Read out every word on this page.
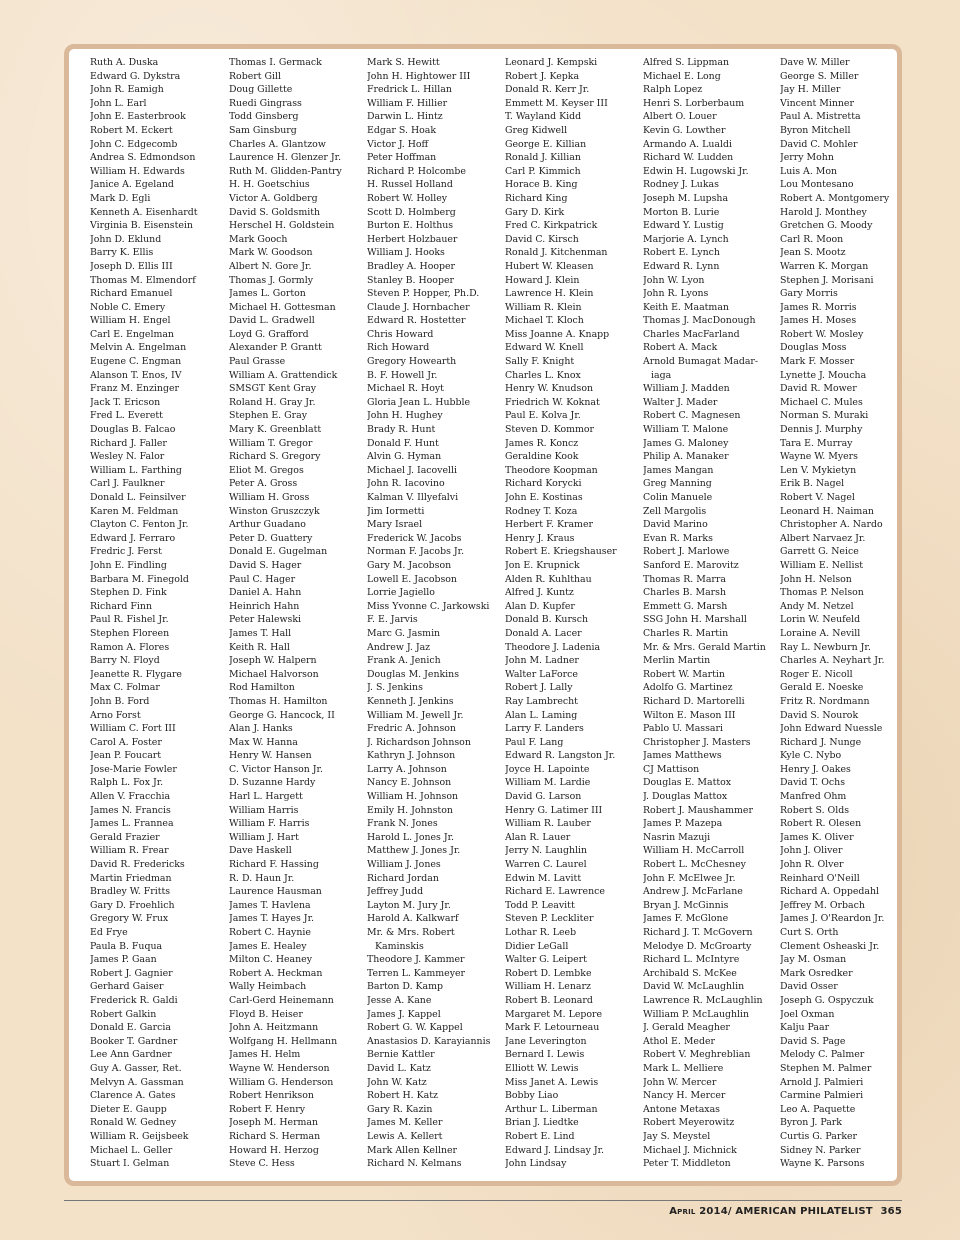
Ruth A. Duska
Edward G. Dykstra
John R. Eamigh
John L. Earl
John E. Easterbrook
Robert M. Eckert
John C. Edgecomb
Andrea S. Edmondson
William H. Edwards
Janice A. Egeland
Mark D. Egli
Kenneth A. Eisenhardt
Virginia B. Eisenstein
John D. Eklund
Barry K. Ellis
Joseph D. Ellis III
Thomas M. Elmendorf
Richard Emanuel
Noble C. Emery
William H. Engel
Carl E. Engelman
Melvin A. Engelman
Eugene C. Engman
Alanson T. Enos, IV
Franz M. Enzinger
Jack T. Ericson
Fred L. Everett
Douglas B. Falcao
Richard J. Faller
Wesley N. Falor
William L. Farthing
Carl J. Faulkner
Donald L. Feinsilver
Karen M. Feldman
Clayton C. Fenton Jr.
Edward J. Ferraro
Fredric J. Ferst
John E. Findling
Barbara M. Finegold
Stephen D. Fink
Richard Finn
Paul R. Fishel Jr.
Stephen Floreen
Ramon A. Flores
Barry N. Floyd
Jeanette R. Flygare
Max C. Folmar
John B. Ford
Arno Forst
William C. Fort III
Carol A. Foster
Jean P. Foucart
Jose-Marie Fowler
Ralph L. Fox Jr.
Allen V. Fracchia
James N. Francis
James L. Frannea
Gerald Frazier
William R. Frear
David R. Fredericks
Martin Friedman
Bradley W. Fritts
Gary D. Froehlich
Gregory W. Frux
Ed Frye
Paula B. Fuqua
James P. Gaan
Robert J. Gagnier
Gerhard Gaiser
Frederick R. Galdi
Robert Galkin
Donald E. Garcia
Booker T. Gardner
Lee Ann Gardner
Guy A. Gasser, Ret.
Melvyn A. Gassman
Clarence A. Gates
Dieter E. Gaupp
Ronald W. Gedney
William R. Geijsbeek
Michael L. Geller
Stuart I. Gelman
Thomas I. Germack
Robert Gill
Doug Gillette
Ruedi Gingrass
Todd Ginsberg
Sam Ginsburg
Charles A. Glantzow
Laurence H. Glenzer Jr.
Ruth M. Glidden-Pantry
H. H. Goetschius
Victor A. Goldberg
David S. Goldsmith
Herschel H. Goldstein
Mark Gooch
Mark W. Goodson
Albert N. Gore Jr.
Thomas J. Gormly
James L. Gorton
Michael H. Gottesman
David L. Gradwell
Loyd G. Grafford
Alexander P. Grantt
Paul Grasse
William A. Grattendick
SMSGT Kent Gray
Roland H. Gray Jr.
Stephen E. Gray
Mary K. Greenblatt
William T. Gregor
Richard S. Gregory
Eliot M. Gregos
Peter A. Gross
William H. Gross
Winston Gruszczyk
Arthur Guadano
Peter D. Guattery
Donald E. Gugelman
David S. Hager
Paul C. Hager
Daniel A. Hahn
Heinrich Hahn
Peter Halewski
James T. Hall
Keith R. Hall
Joseph W. Halpern
Michael Halvorson
Rod Hamilton
Thomas H. Hamilton
George G. Hancock, II
Alan J. Hanks
Max W. Hanna
Henry W. Hansen
C. Victor Hanson Jr.
D. Suzanne Hardy
Harl L. Hargett
William Harris
William F. Harris
William J. Hart
Dave Haskell
Richard F. Hassing
R. D. Haun Jr.
Laurence Hausman
James T. Havlena
James T. Hayes Jr.
Robert C. Haynie
James E. Healey
Milton C. Heaney
Robert A. Heckman
Wally Heimbach
Carl-Gerd Heinemann
Floyd B. Heiser
John A. Heitzmann
Wolfgang H. Hellmann
James H. Helm
Wayne W. Henderson
William G. Henderson
Robert Henrikson
Robert F. Henry
Joseph M. Herman
Richard S. Herman
Howard H. Herzog
Steve C. Hess
Mark S. Hewitt
John H. Hightower III
Fredrick L. Hillan
William F. Hillier
Darwin L. Hintz
Edgar S. Hoak
Victor J. Hoff
Peter Hoffman
Richard P. Holcombe
H. Russel Holland
Robert W. Holley
Scott D. Holmberg
Burton E. Holthus
Herbert Holzbauer
William J. Hooks
Bradley A. Hooper
Stanley B. Hooper
Steven P. Hopper, Ph.D.
Claude J. Hornbacher
Edward R. Hostetter
Chris Howard
Rich Howard
Gregory Howearth
B. F. Howell Jr.
Michael R. Hoyt
Gloria Jean L. Hubble
John H. Hughey
Brady R. Hunt
Donald F. Hunt
Alvin G. Hyman
Michael J. Iacovelli
John R. Iacovino
Kalman V. Illyefalvi
Jim Iormetti
Mary Israel
Frederick W. Jacobs
Norman F. Jacobs Jr.
Gary M. Jacobson
Lowell E. Jacobson
Lorrie Jagiello
Miss Yvonne C. Jarkowski
F. E. Jarvis
Marc G. Jasmin
Andrew J. Jaz
Frank A. Jenich
Douglas M. Jenkins
J. S. Jenkins
Kenneth J. Jenkins
William M. Jewell Jr.
Fredric A. Johnson
J. Richardson Johnson
Kathryn J. Johnson
Larry A. Johnson
Nancy E. Johnson
William H. Johnson
Emily H. Johnston
Frank N. Jones
Harold L. Jones Jr.
Matthew J. Jones Jr.
William J. Jones
Richard Jordan
Jeffrey Judd
Layton M. Jury Jr.
Harold A. Kalkwarf
Mr. & Mrs. Robert
Kaminskis
Theodore J. Kammer
Terren L. Kammeyer
Barton D. Kamp
Jesse A. Kane
James J. Kappel
Robert G. W. Kappel
Anastasios D. Karayiannis
Bernie Kattler
David L. Katz
John W. Katz
Robert H. Katz
Gary R. Kazin
James M. Keller
Lewis A. Kellert
Mark Allen Kellner
Richard N. Kelmans
Leonard J. Kempski
Robert J. Kepka
Donald R. Kerr Jr.
Emmett M. Keyser III
T. Wayland Kidd
Greg Kidwell
George E. Killian
Ronald J. Killian
Carl P. Kimmich
Horace B. King
Richard King
Gary D. Kirk
Fred C. Kirkpatrick
David C. Kirsch
Ronald J. Kitchenman
Hubert W. Kleasen
Howard J. Klein
Lawrence H. Klein
William R. Klein
Michael T. Kloch
Miss Joanne A. Knapp
Edward W. Knell
Sally F. Knight
Charles L. Knox
Henry W. Knudson
Friedrich W. Koknat
Paul E. Kolva Jr.
Steven D. Kommor
James R. Koncz
Geraldine Kook
Theodore Koopman
Richard Korycki
John E. Kostinas
Rodney T. Koza
Herbert F. Kramer
Henry J. Kraus
Robert E. Kriegshauser
Jon E. Krupnick
Alden R. Kuhlthau
Alfred J. Kuntz
Alan D. Kupfer
Donald B. Kursch
Donald A. Lacer
Theodore J. Ladenia
John M. Ladner
Walter LaForce
Robert J. Lally
Ray Lambrecht
Alan L. Laming
Larry F. Landers
Paul F. Lang
Edward R. Langston Jr.
Joyce H. Lapointe
William M. Lardie
David G. Larson
Henry G. Latimer III
William R. Lauber
Alan R. Lauer
Jerry N. Laughlin
Warren C. Laurel
Edwin M. Lavitt
Richard E. Lawrence
Todd P. Leavitt
Steven P. Leckliter
Lothar R. Leeb
Didier LeGall
Walter G. Leipert
Robert D. Lembke
William H. Lenarz
Robert B. Leonard
Margaret M. Lepore
Mark F. Letourneau
Jane Leverington
Bernard I. Lewis
Elliott W. Lewis
Miss Janet A. Lewis
Bobby Liao
Arthur L. Liberman
Brian J. Liedtke
Robert E. Lind
Edward J. Lindsay Jr.
John Lindsay
Alfred S. Lippman
Michael E. Long
Ralph Lopez
Henri S. Lorberbaum
Albert O. Louer
Kevin G. Lowther
Armando A. Lualdi
Richard W. Ludden
Edwin H. Lugowski Jr.
Rodney J. Lukas
Joseph M. Lupsha
Morton B. Lurie
Edward Y. Lustig
Marjorie A. Lynch
Robert E. Lynch
Edward R. Lynn
John W. Lyon
John R. Lyons
Keith E. Maatman
Thomas J. MacDonough
Charles MacFarland
Robert A. Mack
Arnold Bumagat Madar-
iaga
William J. Madden
Walter J. Mader
Robert C. Magnesen
William T. Malone
James G. Maloney
Philip A. Manaker
James Mangan
Greg Manning
Colin Manuele
Zell Margolis
David Marino
Evan R. Marks
Robert J. Marlowe
Sanford E. Marovitz
Thomas R. Marra
Charles B. Marsh
Emmett G. Marsh
SSG John H. Marshall
Charles R. Martin
Mr. & Mrs. Gerald Martin
Merlin Martin
Robert W. Martin
Adolfo G. Martinez
Richard D. Martorelli
Wilton E. Mason III
Pablo U. Massari
Christopher J. Masters
James Matthews
CJ Mattison
Douglas E. Mattox
J. Douglas Mattox
Robert J. Maushammer
James P. Mazepa
Nasrin Mazuji
William H. McCarroll
Robert L. McChesney
John F. McElwee Jr.
Andrew J. McFarlane
Bryan J. McGinnis
James F. McGlone
Richard J. T. McGovern
Melodye D. McGroarty
Richard L. McIntyre
Archibald S. McKee
David W. McLaughlin
Lawrence R. McLaughlin
William P. McLaughlin
J. Gerald Meagher
Athol E. Meder
Robert V. Meghreblian
Mark L. Melliere
John W. Mercer
Nancy H. Mercer
Antone Metaxas
Robert Meyerowitz
Jay S. Meystel
Michael J. Michnick
Peter T. Middleton
Dave W. Miller
George S. Miller
Jay H. Miller
Vincent Minner
Paul A. Mistretta
Byron Mitchell
David C. Mohler
Jerry Mohn
Luis A. Mon
Lou Montesano
Robert A. Montgomery
Harold J. Monthey
Gretchen G. Moody
Carl R. Moon
Jean S. Mootz
Warren K. Morgan
Stephen J. Morisani
Gary Morris
James R. Morris
James H. Moses
Robert W. Mosley
Douglas Moss
Mark F. Mosser
Lynette J. Moucha
David R. Mower
Michael C. Mules
Norman S. Muraki
Dennis J. Murphy
Tara E. Murray
Wayne W. Myers
Len V. Mykietyn
Erik B. Nagel
Robert V. Nagel
Leonard H. Naiman
Christopher A. Nardo
Albert Narvaez Jr.
Garrett G. Neice
William E. Nellist
John H. Nelson
Thomas P. Nelson
Andy M. Netzel
Lorin W. Neufeld
Loraine A. Nevill
Ray L. Newburn Jr.
Charles A. Neyhart Jr.
Roger E. Nicoll
Gerald E. Noeske
Fritz R. Nordmann
David S. Nourok
John Edward Nuessle
Richard J. Nunge
Kyle C. Nybo
Henry J. Oakes
David T. Ochs
Manfred Ohm
Robert S. Olds
Robert R. Olesen
James K. Oliver
John J. Oliver
John R. Olver
Reinhard O'Neill
Richard A. Oppedahl
Jeffrey M. Orbach
James J. O'Reardon Jr.
Curt S. Orth
Clement Osheaski Jr.
Jay M. Osman
Mark Osredker
David Osser
Joseph G. Ospyczuk
Joel Oxman
Kalju Paar
David S. Page
Melody C. Palmer
Stephen M. Palmer
Arnold J. Palmieri
Carmine Palmieri
Leo A. Paquette
Byron J. Park
Curtis G. Parker
Sidney N. Parker
Wayne K. Parsons
April 2014/ AMERICAN PHILATELIST 365
